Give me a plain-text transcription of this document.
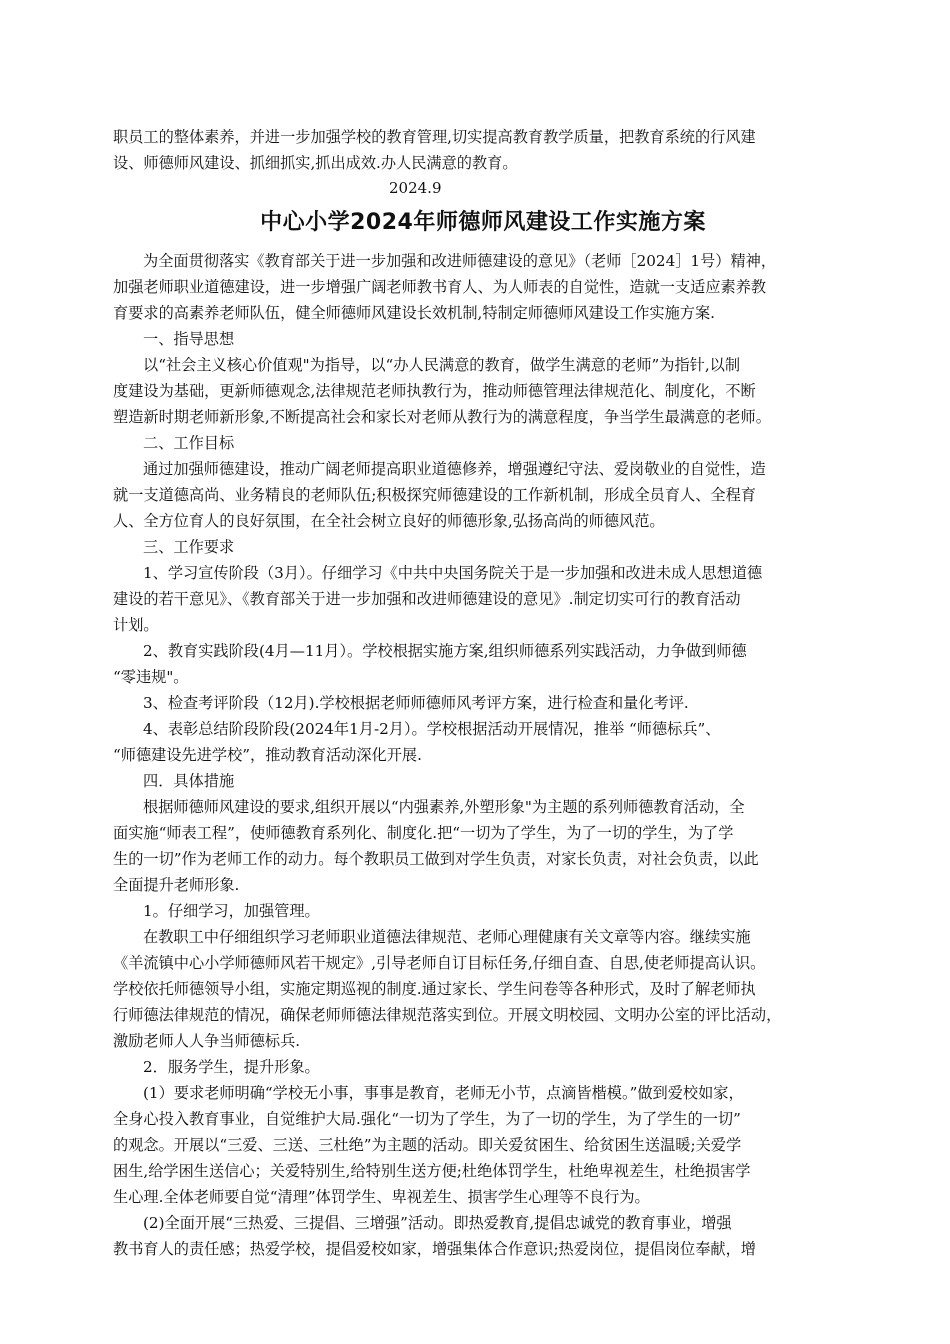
职员工的整体素养，并进一步加强学校的教育管理,切实提高教育教学质量，把教育系统的行风建
设、师德师风建设、抓细抓实,抓出成效.办人民满意的教育。
2024.9
中心小学2024年师德师风建设工作实施方案
为全面贯彻落实《教育部关于进一步加强和改进师德建设的意见》（老师［2024］1号）精神，
加强老师职业道德建设，进一步增强广阔老师教书育人、为人师表的自觉性，造就一支适应素养教
育要求的高素养老师队伍，健全师德师风建设长效机制,特制定师德师风建设工作实施方案.
一、指导思想
以“社会主义核心价值观"为指导，以“办人民满意的教育，做学生满意的老师”为指针,以制
度建设为基础，更新师德观念,法律规范老师执教行为，推动师德管理法律规范化、制度化，不断
塑造新时期老师新形象,不断提高社会和家长对老师从教行为的满意程度，争当学生最满意的老师。
二、工作目标
通过加强师德建设，推动广阔老师提高职业道德修养，增强遵纪守法、爱岗敬业的自觉性，造
就一支道德高尚、业务精良的老师队伍;积极探究师德建设的工作新机制，形成全员育人、全程育
人、全方位育人的良好氛围，在全社会树立良好的师德形象,弘扬高尚的师德风范。
三、工作要求
1、学习宣传阶段（3月）。仔细学习《中共中央国务院关于是一步加强和改进未成人思想道德
建设的若干意见》、《教育部关于进一步加强和改进师德建设的意见》.制定切实可行的教育活动
计划。
2、教育实践阶段(4月—11月）。学校根据实施方案,组织师德系列实践活动，力争做到师德
“零违规"。
3、检查考评阶段（12月).学校根据老师师德师风考评方案，进行检查和量化考评.
4、表彰总结阶段阶段(2024年1月-2月）。学校根据活动开展情况，推举 “师德标兵”、
“师德建设先进学校”，推动教育活动深化开展.
四．具体措施
根据师德师风建设的要求,组织开展以“内强素养,外塑形象"为主题的系列师德教育活动，全
面实施“师表工程”，使师德教育系列化、制度化.把“一切为了学生，为了一切的学生，为了学
生的一切”作为老师工作的动力。每个教职员工做到对学生负责，对家长负责，对社会负责，以此
全面提升老师形象.
1。仔细学习，加强管理。
在教职工中仔细组织学习老师职业道德法律规范、老师心理健康有关文章等内容。继续实施
《羊流镇中心小学师德师风若干规定》,引导老师自订目标任务,仔细自查、自思,使老师提高认识。
学校依托师德领导小组，实施定期巡视的制度.通过家长、学生问卷等各种形式，及时了解老师执
行师德法律规范的情况，确保老师师德法律规范落实到位。开展文明校园、文明办公室的评比活动，
激励老师人人争当师德标兵.
2．服务学生，提升形象。
(1）要求老师明确“学校无小事，事事是教育，老师无小节，点滴皆楷模。”做到爱校如家，
全身心投入教育事业，自觉维护大局.强化“一切为了学生，为了一切的学生，为了学生的一切”
的观念。开展以“三爱、三送、三杜绝”为主题的活动。即关爱贫困生、给贫困生送温暖;关爱学
困生,给学困生送信心；关爱特别生,给特别生送方便;杜绝体罚学生，杜绝卑视差生，杜绝损害学
生心理.全体老师要自觉“清理”体罚学生、卑视差生、损害学生心理等不良行为。
(2)全面开展“三热爱、三提倡、三增强”活动。即热爱教育,提倡忠诚党的教育事业，增强
教书育人的责任感；热爱学校，提倡爱校如家，增强集体合作意识;热爱岗位，提倡岗位奉献，增
